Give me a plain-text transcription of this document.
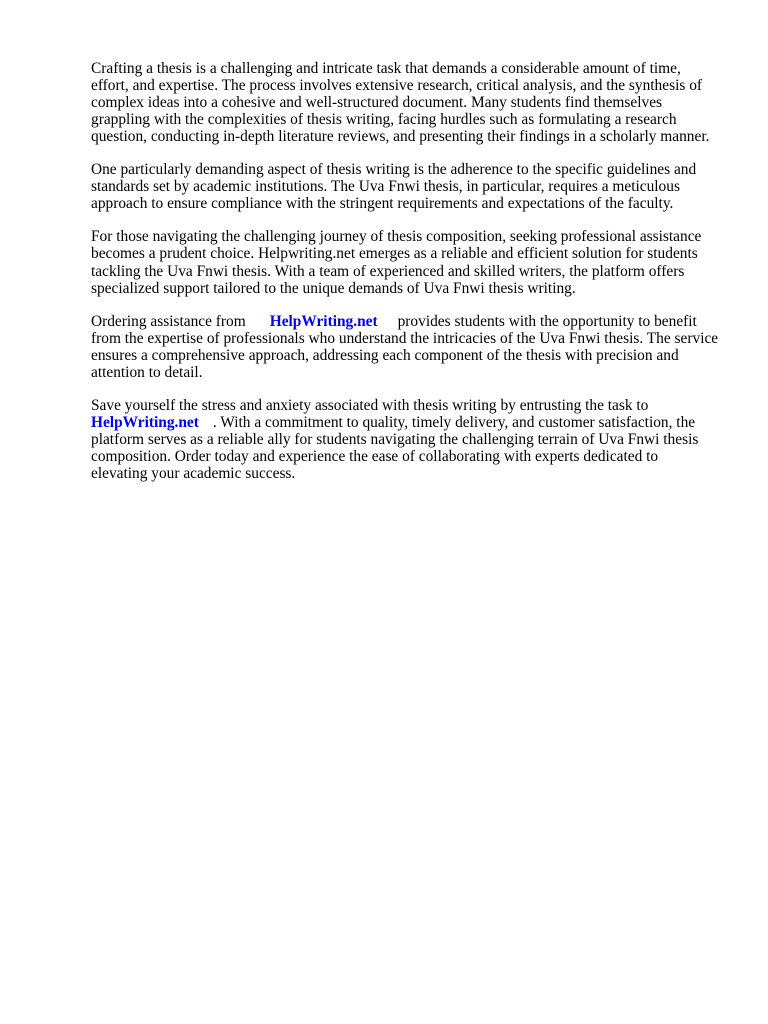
Crafting a thesis is a challenging and intricate task that demands a considerable amount of time,
effort, and expertise. The process involves extensive research, critical analysis, and the synthesis of
complex ideas into a cohesive and well-structured document. Many students find themselves
grappling with the complexities of thesis writing, facing hurdles such as formulating a research
question, conducting in-depth literature reviews, and presenting their findings in a scholarly manner.

One particularly demanding aspect of thesis writing is the adherence to the specific guidelines and
standards set by academic institutions. The Uva Fnwi thesis, in particular, requires a meticulous
approach to ensure compliance with the stringent requirements and expectations of the faculty.

For those navigating the challenging journey of thesis composition, seeking professional assistance
becomes a prudent choice. Helpwriting.net emerges as a reliable and efficient solution for students
tackling the Uva Fnwi thesis. With a team of experienced and skilled writers, the platform offers
specialized support tailored to the unique demands of Uva Fnwi thesis writing.

Ordering assistance from HelpWriting.net provides students with the opportunity to benefit
from the expertise of professionals who understand the intricacies of the Uva Fnwi thesis. The service
ensures a comprehensive approach, addressing each component of the thesis with precision and
attention to detail.

Save yourself the stress and anxiety associated with thesis writing by entrusting the task to
HelpWriting.net . With a commitment to quality, timely delivery, and customer satisfaction, the
platform serves as a reliable ally for students navigating the challenging terrain of Uva Fnwi thesis
composition. Order today and experience the ease of collaborating with experts dedicated to
elevating your academic success.
